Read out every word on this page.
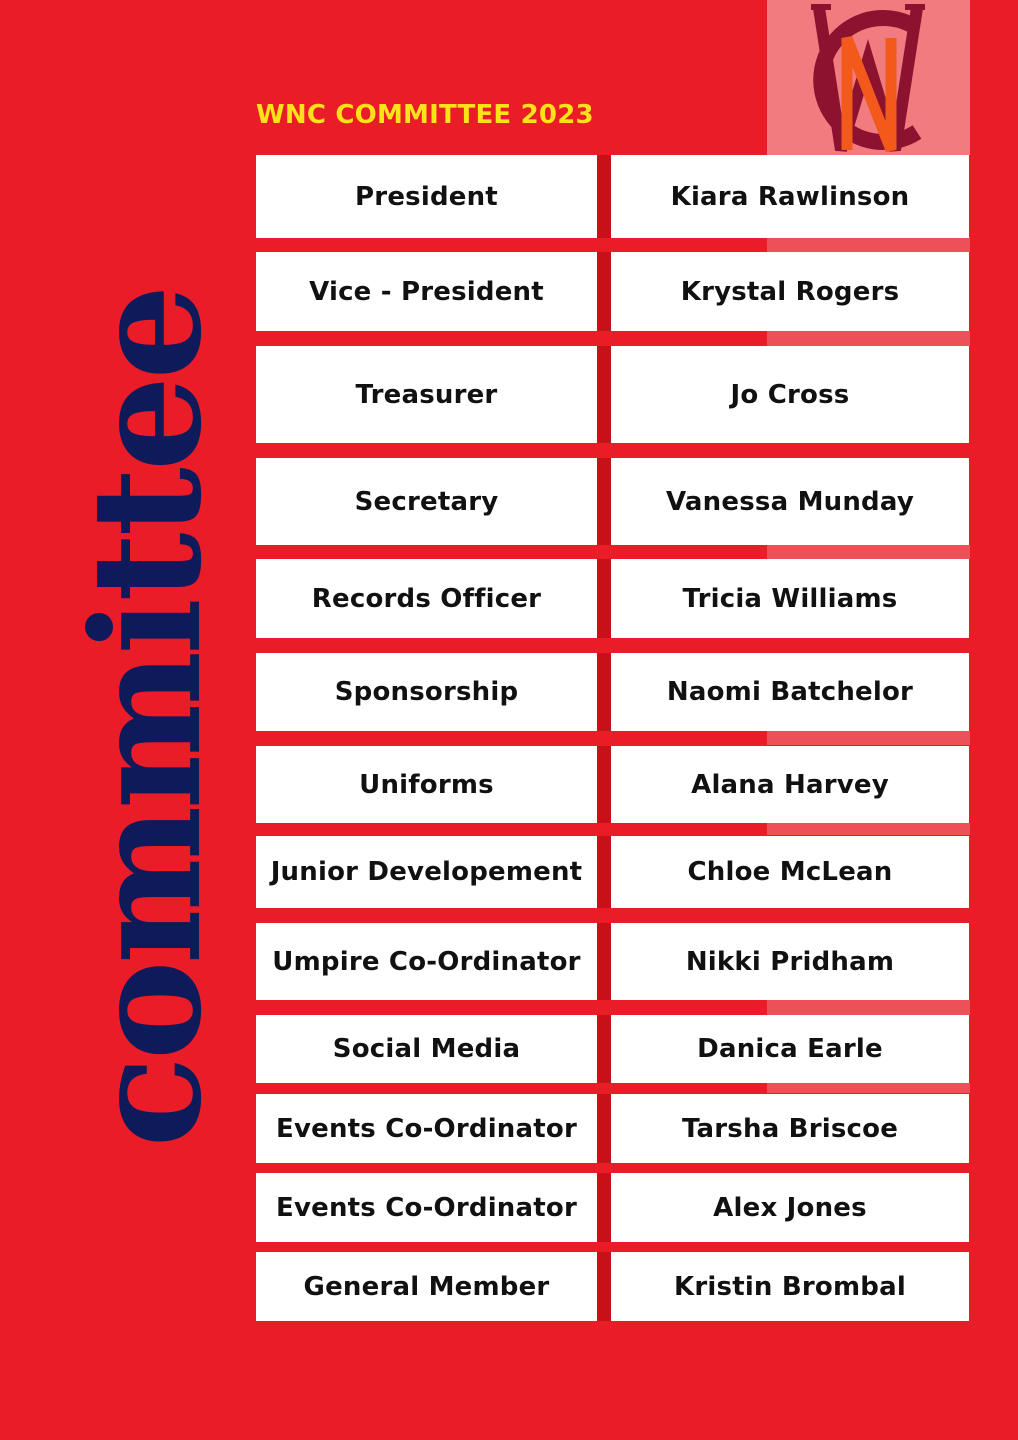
WNC COMMITTEE 2023
committee
President	Kiara Rawlinson
Vice - President	Krystal Rogers
Treasurer	Jo Cross
Secretary	Vanessa Munday
Records Officer	Tricia Williams
Sponsorship	Naomi Batchelor
Uniforms	Alana Harvey
Junior Developement	Chloe McLean
Umpire Co-Ordinator	Nikki Pridham
Social Media	Danica Earle
Events Co-Ordinator	Tarsha Briscoe
Events Co-Ordinator	Alex Jones
General Member	Kristin Brombal
